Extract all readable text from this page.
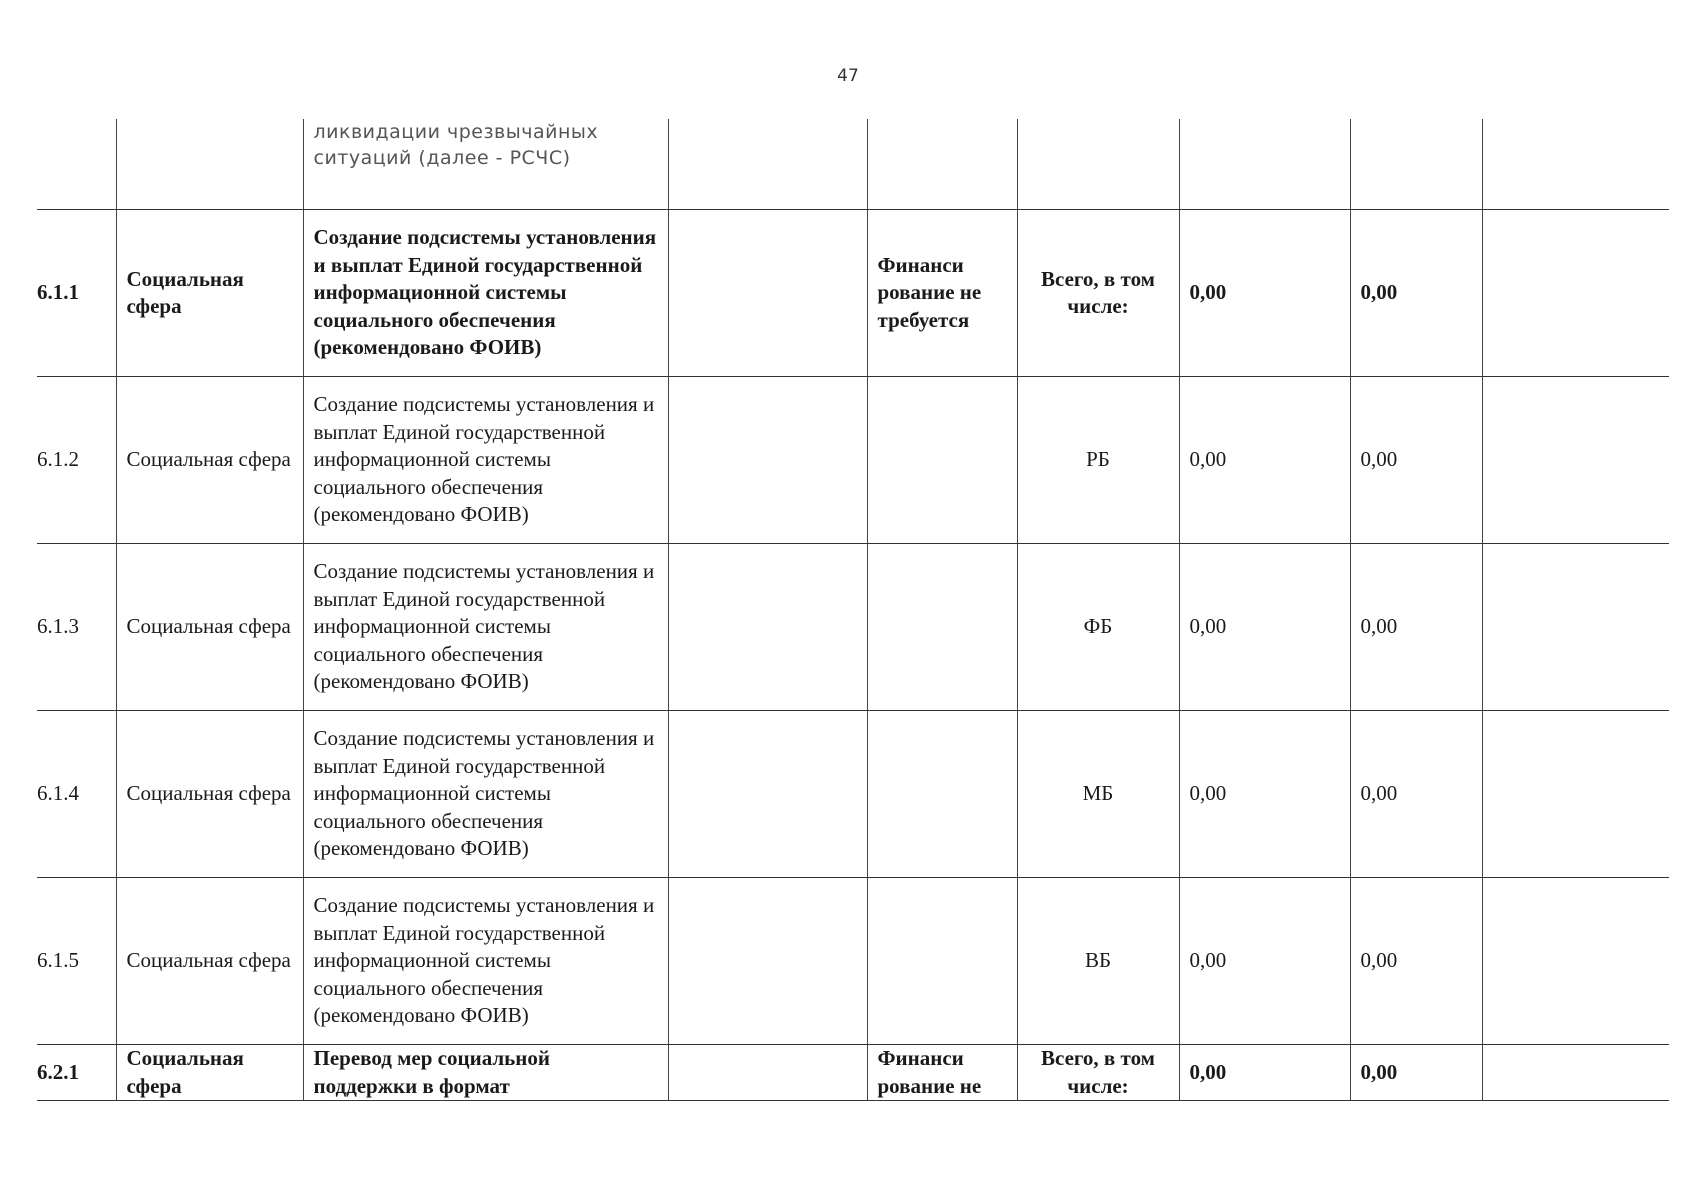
47
		ликвидации чрезвычайных ситуаций (далее - РСЧС)						
6.1.1	Социальная сфера	Создание подсистемы установления и выплат Единой государственной информационной системы социального обеспечения (рекомендовано ФОИВ)		Финанси рование не требуется	Всего, в том числе:	0,00	0,00	
6.1.2	Социальная сфера	Создание подсистемы установления и выплат Единой государственной информационной системы социального обеспечения (рекомендовано ФОИВ)			РБ	0,00	0,00	
6.1.3	Социальная сфера	Создание подсистемы установления и выплат Единой государственной информационной системы социального обеспечения (рекомендовано ФОИВ)			ФБ	0,00	0,00	
6.1.4	Социальная сфера	Создание подсистемы установления и выплат Единой государственной информационной системы социального обеспечения (рекомендовано ФОИВ)			МБ	0,00	0,00	
6.1.5	Социальная сфера	Создание подсистемы установления и выплат Единой государственной информационной системы социального обеспечения (рекомендовано ФОИВ)			ВБ	0,00	0,00	
6.2.1	Социальная сфера	Перевод мер социальной поддержки в формат		Финанси рование не	Всего, в том числе:	0,00	0,00	
